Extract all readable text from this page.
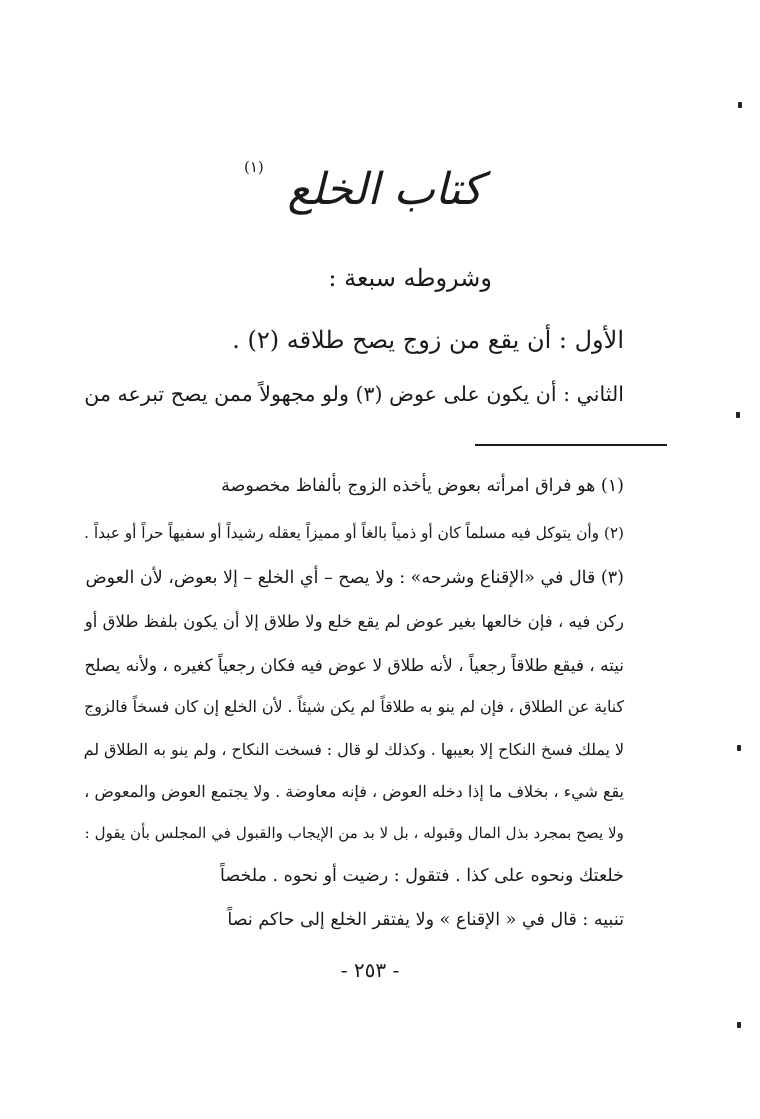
كتاب الخلع
(١)
وشروطه سبعة :
الأول : أن يقع من زوج يصح طلاقه (٢) .
الثاني : أن يكون على عوض (٣) ولو مجهولاً ممن يصح تبرعه من
(١) هو فراق امرأته بعوض يأخذه الزوج بألفاظ مخصوصة
(٢) وأن يتوكل فيه مسلماً كان أو ذمياً بالغاً أو مميزاً يعقله رشيداً أو سفيهاً حراً أو عبداً .
(٣) قال في «الإقناع وشرحه» : ولا يصح – أي الخلع – إلا بعوض، لأن العوض
ركن فيه ، فإن خالعها بغير عوض لم يقع خلع ولا طلاق إلا أن يكون بلفظ طلاق أو
نيته ، فيقع طلاقاً رجعياً ، لأنه طلاق لا عوض فيه فكان رجعياً كغيره ، ولأنه يصلح
كناية عن الطلاق ، فإن لم ينو به طلاقاً لم يكن شيئاً . لأن الخلع إن كان فسخاً فالزوج
لا يملك فسخ النكاح إلا بعيبها . وكذلك لو قال : فسخت النكاح ، ولم ينو به الطلاق لم
يقع شيء ، بخلاف ما إذا دخله العوض ، فإنه معاوضة . ولا يجتمع العوض والمعوض ،
ولا يصح بمجرد بذل المال وقبوله ، بل لا بد من الإيجاب والقبول في المجلس بأن يقول :
خلعتك ونحوه على كذا . فتقول : رضيت أو نحوه . ملخصاً
تنبيه : قال في « الإقناع » ولا يفتقر الخلع إلى حاكم نصاً
- ٢٥٣ -
